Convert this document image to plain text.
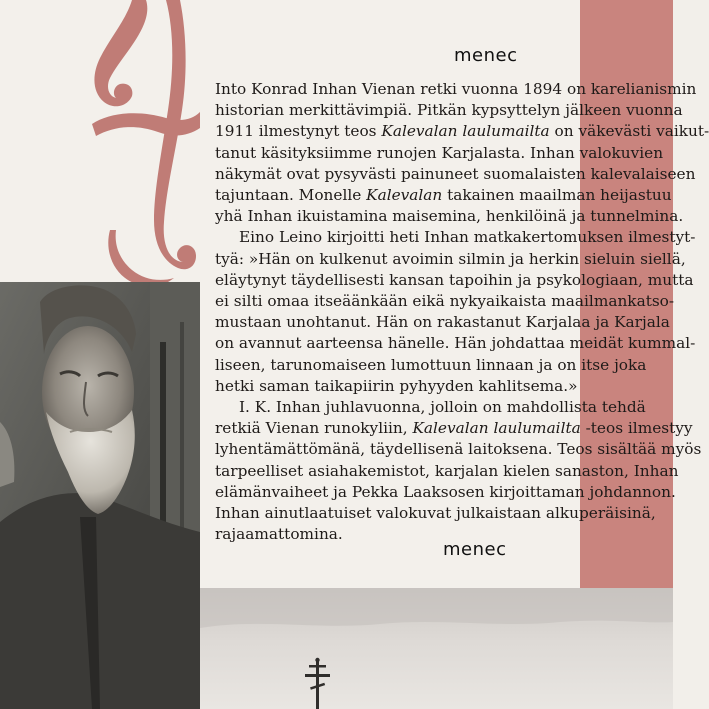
Into Konrad Inhan Vienan retki vuonna 1894 on karelianismin
historian merkittävimpiä. Pitkän kypsyttelyn jälkeen vuonna
1911 ilmestynyt teos Kalevalan laulumailta on väkevästi vaikut-
tanut käsityksiimme runojen Karjalasta. Inhan valokuvien
näkymät ovat pysyvästi painuneet suomalaisten kalevalaiseen
tajuntaan. Monelle Kalevalan takainen maailman heijastuu
yhä Inhan ikuistamina maisemina, henkilöinä ja tunnelmina.

Eino Leino kirjoitti heti Inhan matkakertomuksen ilmestyt-
tyä: »Hän on kulkenut avoimin silmin ja herkin sieluin siellä,
eläytynyt täydellisesti kansan tapoihin ja psykologiaan, mutta
ei silti omaa itseäänkään eikä nykyaikaista maailmankatso-
mustaan unohtanut. Hän on rakastanut Karjalaa ja Karjala
on avannut aarteensa hänelle. Hän johdattaa meidät kummal-
liseen, tarunomaiseen lumottuun linnaan ja on itse joka
hetki saman taikapiirin pyhyyden kahlitsema.»

I. K. Inhan juhlavuonna, jolloin on mahdollista tehdä
retkiä Vienan runokyliin, Kalevalan laulumailta -teos ilmestyy
lyhentämättömänä, täydellisenä laitoksena. Teos sisältää myös
tarpeelliset asiahakemistot, karjalan kielen sanaston, Inhan
elämänvaiheet ja Pekka Laaksosen kirjoittaman johdannon.
Inhan ainutlaatuiset valokuvat julkaistaan alkuperäisinä,
rajaamattomina.

menec
menec
